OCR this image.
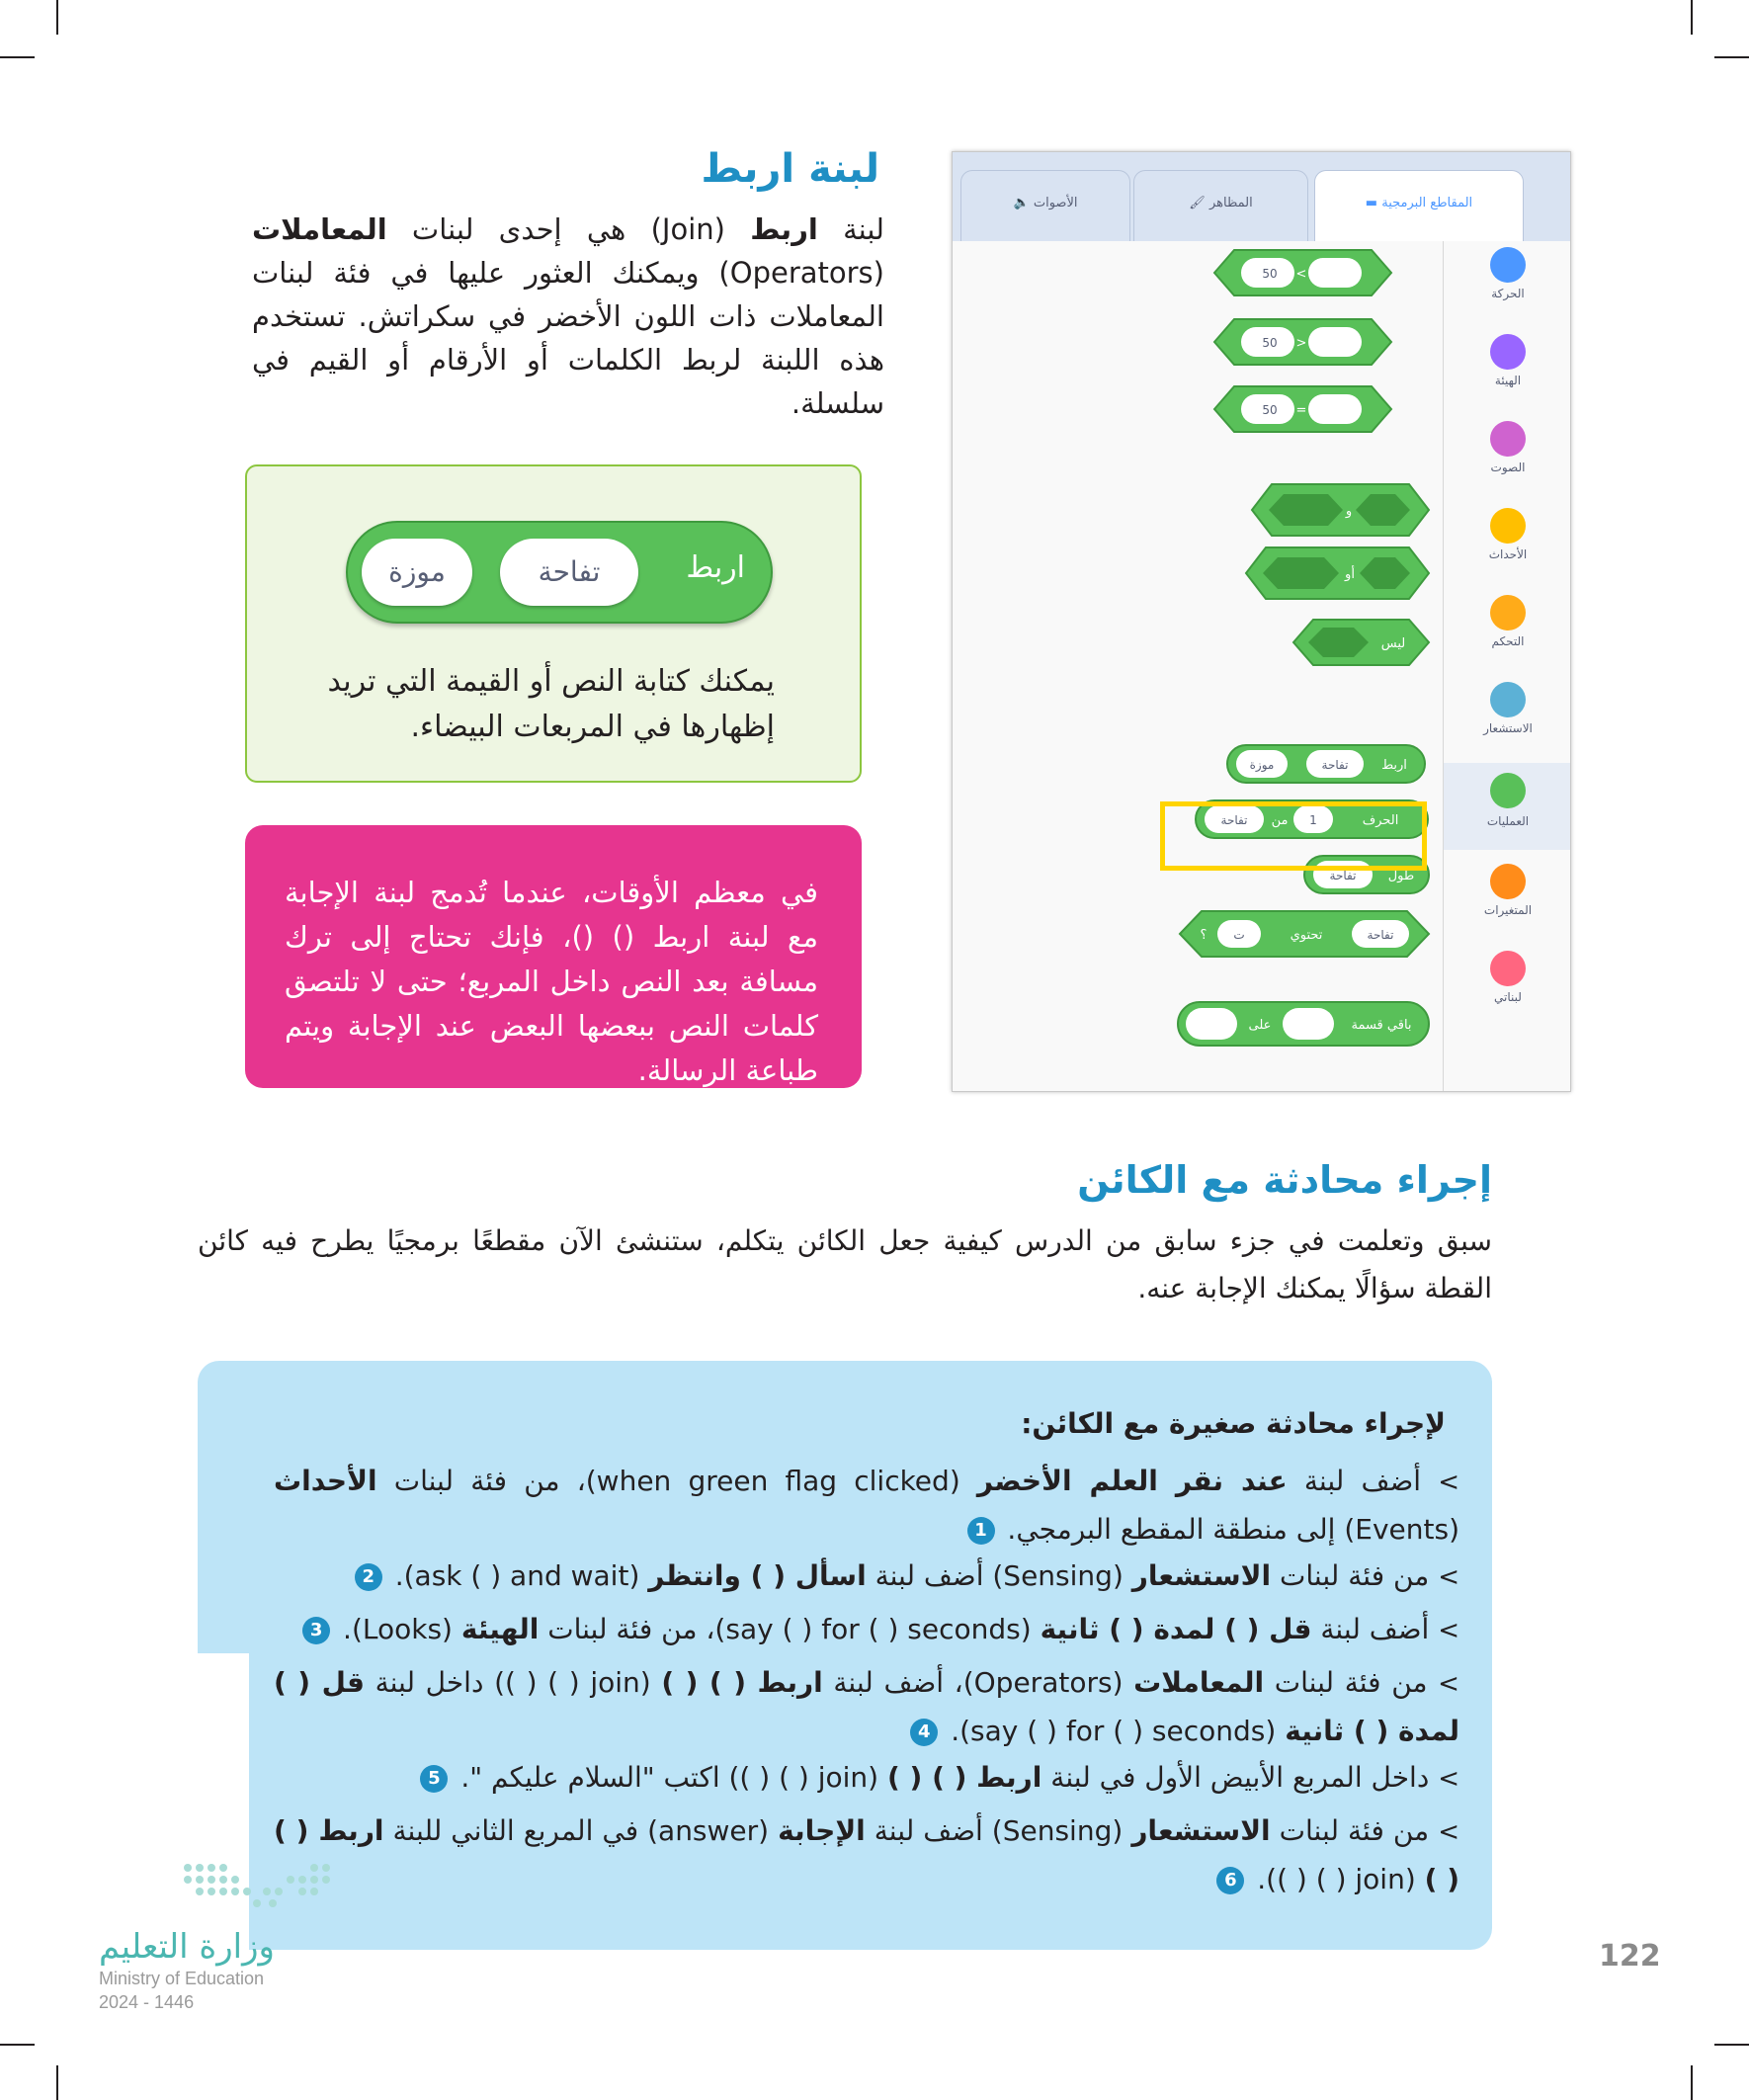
لبنة اربط
لبنة اربط (Join) هي إحدى لبنات المعاملات (Operators) ويمكنك العثور عليها في فئة لبنات المعاملات ذات اللون الأخضر في سكراتش. تستخدم هذه اللبنة لربط الكلمات أو الأرقام أو القيم في سلسلة.
موزة	تفاحة	اربط
يمكنك كتابة النص أو القيمة التي تريد إظهارها في المربعات البيضاء.
في معظم الأوقات، عندما تُدمج لبنة الإجابة مع لبنة اربط () ()، فإنك تحتاج إلى ترك مسافة بعد النص داخل المربع؛ حتى لا تلتصق كلمات النص ببعضها البعض عند الإجابة ويتم طباعة الرسالة.
🔈 الأصوات	🖌 المظاهر	▬ المقاطع البرمجية
الحركة
الهيئة
الصوت
الأحداث
التحكم
الاستشعار
العمليات
المتغيرات
لبناتي
50 <
50 >
50 =
و
أو
ليس
موزة	تفاحة	اربط
تفاحة من 1	الحرف
تفاحة طول
؟ ت	تحتوي	تفاحة
على	باقي قسمة
إجراء محادثة مع الكائن
سبق وتعلمت في جزء سابق من الدرس كيفية جعل الكائن يتكلم، ستنشئ الآن مقطعًا برمجيًا يطرح فيه كائن القطة سؤالًا يمكنك الإجابة عنه.
لإجراء محادثة صغيرة مع الكائن:
> أضف لبنة عند نقر العلم الأخضر (when green flag clicked)، من فئة لبنات الأحداث (Events) إلى منطقة المقطع البرمجي. 1
> من فئة لبنات الاستشعار (Sensing) أضف لبنة اسأل ( ) وانتظر (ask ( ) and wait). 2
> أضف لبنة قل ( ) لمدة ( ) ثانية (say ( ) for ( ) seconds)، من فئة لبنات الهيئة (Looks). 3
> من فئة لبنات المعاملات (Operators)، أضف لبنة اربط ( ) ( ) (join ( ) ( )) داخل لبنة قل ( ) لمدة ( ) ثانية (say ( ) for ( ) seconds). 4
> داخل المربع الأبيض الأول في لبنة اربط ( ) ( ) (join ( ) ( )) اكتب "السلام عليكم ". 5
> من فئة لبنات الاستشعار (Sensing) أضف لبنة الإجابة (answer) في المربع الثاني للبنة اربط ( ) ( ) (join ( ) ( )). 6
وزارة التعليم
Ministry of Education
2024 - 1446
122
